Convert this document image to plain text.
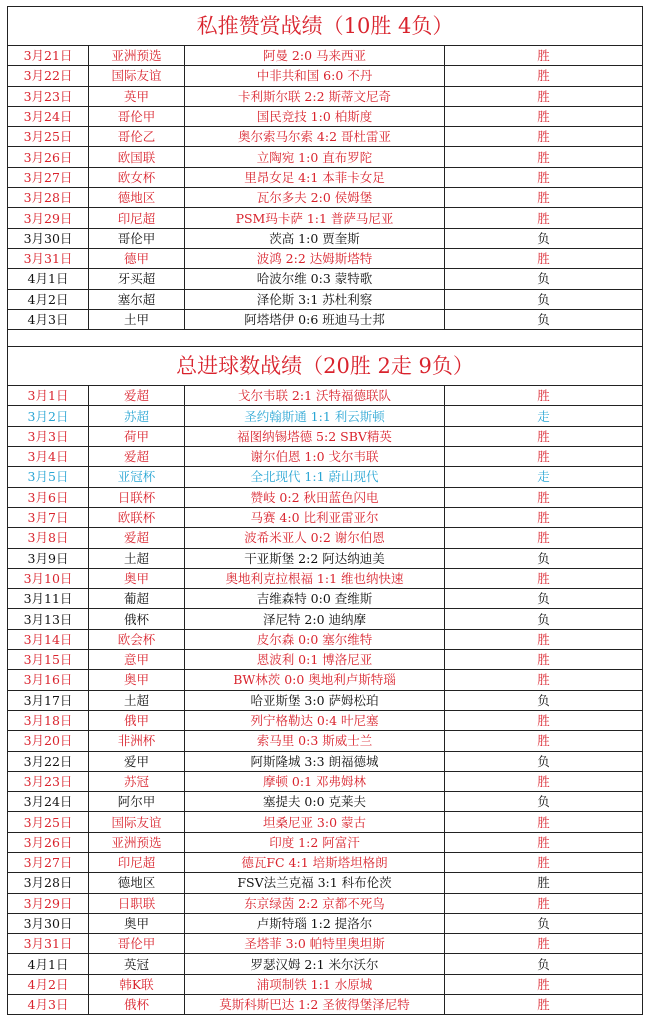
私推赞赏战绩（10胜 4负）			
3月21日	亚洲预选	阿曼 2:0 马来西亚	胜
3月22日	国际友谊	中非共和国 6:0 不丹	胜
3月23日	英甲	卡利斯尔联 2:2 斯蒂文尼奇	胜
3月24日	哥伦甲	国民竞技 1:0 柏斯度	胜
3月25日	哥伦乙	奥尔索马尔索 4:2 哥杜雷亚	胜
3月26日	欧国联	立陶宛 1:0 直布罗陀	胜
3月27日	欧女杯	里昂女足 4:1 本菲卡女足	胜
3月28日	德地区	瓦尔多夫 2:0 侯姆堡	胜
3月29日	印尼超	PSM玛卡萨 1:1 普萨马尼亚	胜
3月30日	哥伦甲	茨高 1:0 贾奎斯	负
3月31日	德甲	波鸿 2:2 达姆斯塔特	胜
4月1日	牙买超	哈波尔维 0:3 蒙特歌	负
4月2日	塞尔超	泽伦斯 3:1 苏杜利察	负
4月3日	土甲	阿塔塔伊 0:6 班迪马士邦	负

总进球数战绩（20胜 2走 9负）			
3月1日	爱超	戈尔韦联 2:1 沃特福德联队	胜
3月2日	苏超	圣约翰斯通 1:1 利云斯顿	走
3月3日	荷甲	福图纳锡塔德 5:2 SBV精英	胜
3月4日	爱超	谢尔伯恩 1:0 戈尔韦联	胜
3月5日	亚冠杯	全北现代 1:1 蔚山现代	走
3月6日	日联杯	赞岐 0:2 秋田蓝色闪电	胜
3月7日	欧联杯	马赛 4:0 比利亚雷亚尔	胜
3月8日	爱超	波希米亚人 0:2 谢尔伯恩	胜
3月9日	土超	干亚斯堡 2:2 阿达纳迪美	负
3月10日	奥甲	奥地利克拉根福 1:1 维也纳快速	胜
3月11日	葡超	吉维森特 0:0 查维斯	负
3月13日	俄杯	泽尼特 2:0 迪纳摩	负
3月14日	欧会杯	皮尔森 0:0 塞尔维特	胜
3月15日	意甲	恩波利 0:1 博洛尼亚	胜
3月16日	奥甲	BW林茨 0:0 奥地利卢斯特瑙	胜
3月17日	土超	哈亚斯堡 3:0 萨姆松珀	负
3月18日	俄甲	列宁格勒达 0:4 叶尼塞	胜
3月20日	非洲杯	索马里 0:3 斯威士兰	胜
3月22日	爱甲	阿斯隆城 3:3 朗福德城	负
3月23日	苏冠	摩顿 0:1 邓弗姆林	胜
3月24日	阿尔甲	塞提夫 0:0 克莱夫	负
3月25日	国际友谊	坦桑尼亚 3:0 蒙古	胜
3月26日	亚洲预选	印度 1:2 阿富汗	胜
3月27日	印尼超	德瓦FC 4:1 培斯塔坦格朗	胜
3月28日	德地区	FSV法兰克福 3:1 科布伦茨	胜
3月29日	日职联	东京绿茵 2:2 京都不死鸟	胜
3月30日	奥甲	卢斯特瑙 1:2 提洛尔	负
3月31日	哥伦甲	圣塔菲 3:0 帕特里奥坦斯	胜
4月1日	英冠	罗瑟汉姆 2:1 米尔沃尔	负
4月2日	韩K联	浦项制铁 1:1 水原城	胜
4月3日	俄杯	莫斯科斯巴达 1:2 圣彼得堡泽尼特	胜
